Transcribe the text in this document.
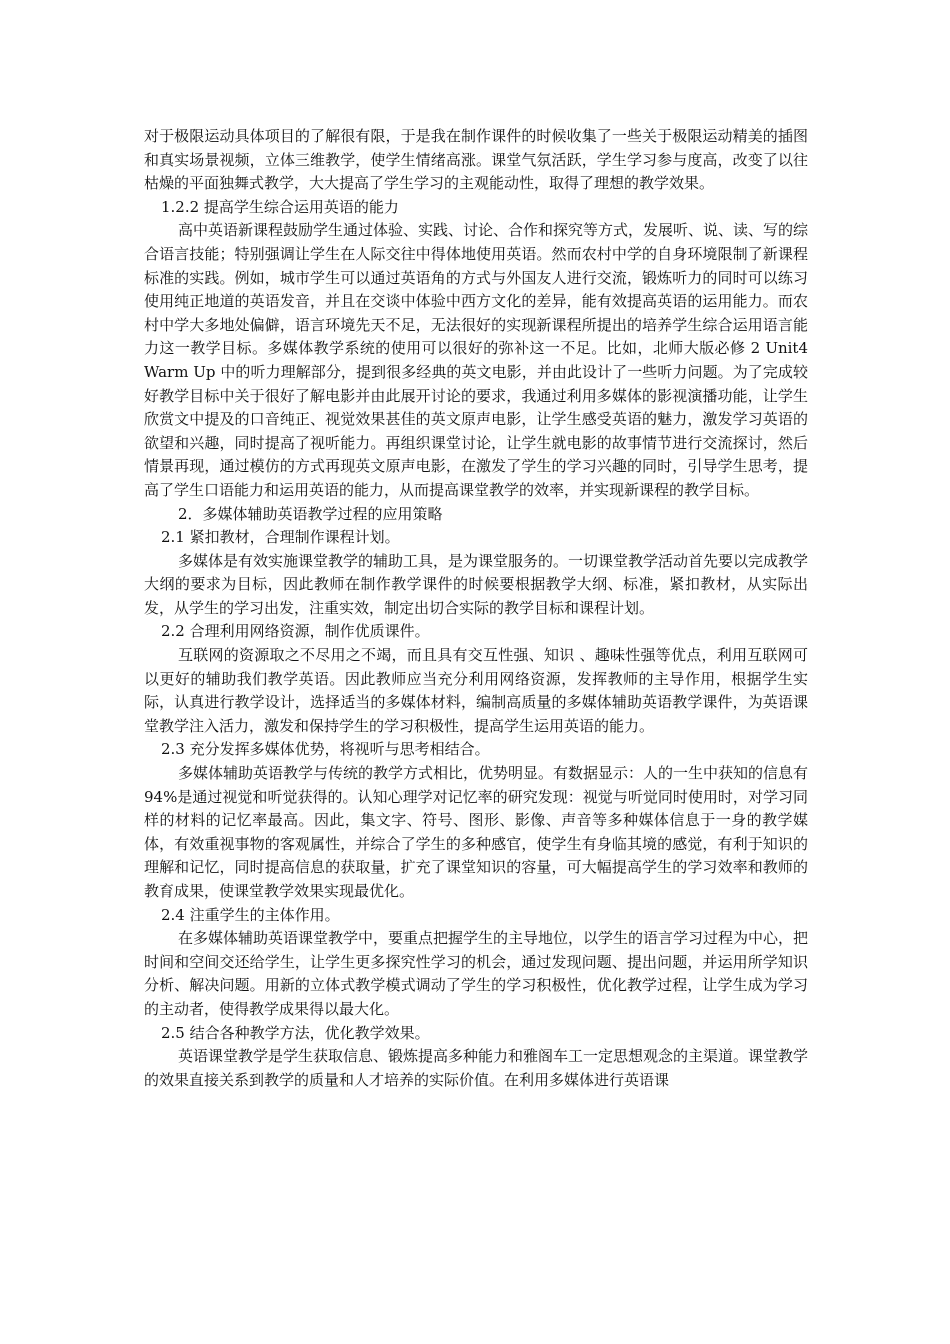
对于极限运动具体项目的了解很有限，于是我在制作课件的时候收集了一些关于极限运动精美的插图和真实场景视频，立体三维教学，使学生情绪高涨。课堂气氛活跃，学生学习参与度高，改变了以往枯燥的平面独舞式教学，大大提高了学生学习的主观能动性，取得了理想的教学效果。

1.2.2 提高学生综合运用英语的能力

高中英语新课程鼓励学生通过体验、实践、讨论、合作和探究等方式，发展听、说、读、写的综合语言技能；特别强调让学生在人际交往中得体地使用英语。然而农村中学的自身环境限制了新课程标准的实践。例如，城市学生可以通过英语角的方式与外国友人进行交流，锻炼听力的同时可以练习使用纯正地道的英语发音，并且在交谈中体验中西方文化的差异，能有效提高英语的运用能力。而农村中学大多地处偏僻，语言环境先天不足，无法很好的实现新课程所提出的培养学生综合运用语言能力这一教学目标。多媒体教学系统的使用可以很好的弥补这一不足。比如，北师大版必修 2 Unit4 Warm Up 中的听力理解部分，提到很多经典的英文电影，并由此设计了一些听力问题。为了完成较好教学目标中关于很好了解电影并由此展开讨论的要求，我通过利用多媒体的影视演播功能，让学生欣赏文中提及的口音纯正、视觉效果甚佳的英文原声电影，让学生感受英语的魅力，激发学习英语的欲望和兴趣，同时提高了视听能力。再组织课堂讨论，让学生就电影的故事情节进行交流探讨，然后情景再现，通过模仿的方式再现英文原声电影，在激发了学生的学习兴趣的同时，引导学生思考，提高了学生口语能力和运用英语的能力，从而提高课堂教学的效率，并实现新课程的教学目标。

2．多媒体辅助英语教学过程的应用策略

2.1 紧扣教材，合理制作课程计划。

多媒体是有效实施课堂教学的辅助工具，是为课堂服务的。一切课堂教学活动首先要以完成教学大纲的要求为目标，因此教师在制作教学课件的时候要根据教学大纲、标准，紧扣教材，从实际出发，从学生的学习出发，注重实效，制定出切合实际的教学目标和课程计划。

2.2 合理利用网络资源，制作优质课件。

互联网的资源取之不尽用之不竭，而且具有交互性强、知识 、趣味性强等优点，利用互联网可以更好的辅助我们教学英语。因此教师应当充分利用网络资源，发挥教师的主导作用，根据学生实际，认真进行教学设计，选择适当的多媒体材料，编制高质量的多媒体辅助英语教学课件，为英语课堂教学注入活力，激发和保持学生的学习积极性，提高学生运用英语的能力。

2.3 充分发挥多媒体优势，将视听与思考相结合。

多媒体辅助英语教学与传统的教学方式相比，优势明显。有数据显示：人的一生中获知的信息有 94%是通过视觉和听觉获得的。认知心理学对记忆率的研究发现：视觉与听觉同时使用时，对学习同样的材料的记忆率最高。因此，集文字、符号、图形、影像、声音等多种媒体信息于一身的教学媒体，有效重视事物的客观属性，并综合了学生的多种感官，使学生有身临其境的感觉，有利于知识的理解和记忆，同时提高信息的获取量，扩充了课堂知识的容量，可大幅提高学生的学习效率和教师的教育成果，使课堂教学效果实现最优化。

2.4 注重学生的主体作用。

在多媒体辅助英语课堂教学中，要重点把握学生的主导地位，以学生的语言学习过程为中心，把时间和空间交还给学生，让学生更多探究性学习的机会，通过发现问题、提出问题，并运用所学知识分析、解决问题。用新的立体式教学模式调动了学生的学习积极性，优化教学过程，让学生成为学习的主动者，使得教学成果得以最大化。

2.5 结合各种教学方法，优化教学效果。

英语课堂教学是学生获取信息、锻炼提高多种能力和雅阁车工一定思想观念的主渠道。课堂教学的效果直接关系到教学的质量和人才培养的实际价值。在利用多媒体进行英语课
